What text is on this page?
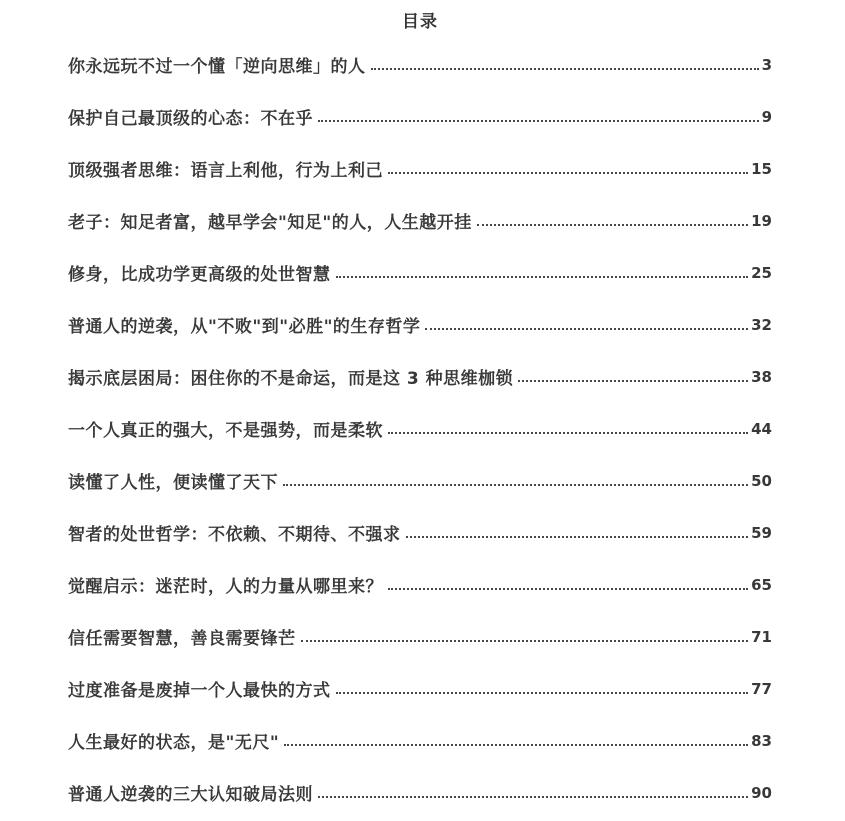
目录
你永远玩不过一个懂「逆向思维」的人	3
保护自己最顶级的心态：不在乎	9
顶级强者思维：语言上利他，行为上利己	15
老子：知足者富，越早学会"知足"的人，人生越开挂	19
修身，比成功学更高级的处世智慧	25
普通人的逆袭，从"不败"到"必胜"的生存哲学	32
揭示底层困局：困住你的不是命运，而是这 3 种思维枷锁	38
一个人真正的强大，不是强势，而是柔软	44
读懂了人性，便读懂了天下	50
智者的处世哲学：不依赖、不期待、不强求	59
觉醒启示：迷茫时，人的力量从哪里来？	65
信任需要智慧，善良需要锋芒	71
过度准备是废掉一个人最快的方式	77
人生最好的状态，是"无尺"	83
普通人逆袭的三大认知破局法则	90
